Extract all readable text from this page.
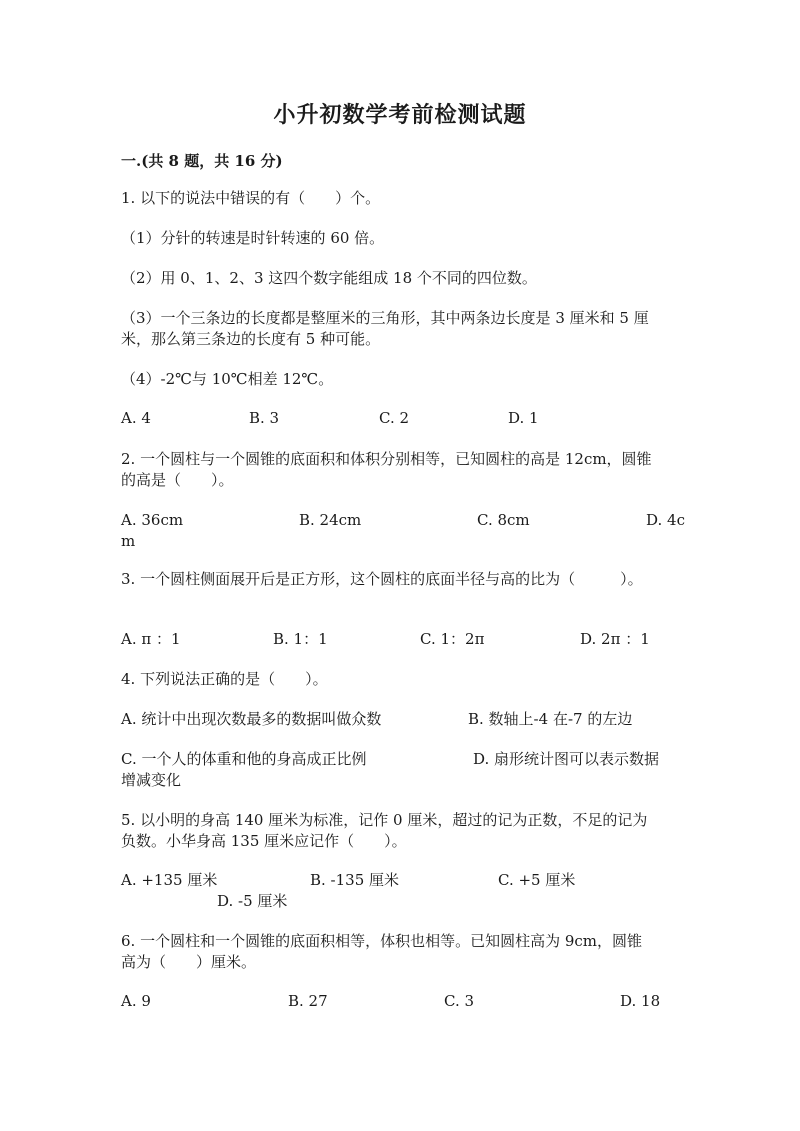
小升初数学考前检测试题
一.(共 8 题，共 16 分)
1. 以下的说法中错误的有（　　）个。
（1）分针的转速是时针转速的 60 倍。
（2）用 0、1、2、3 这四个数字能组成 18 个不同的四位数。
（3）一个三条边的长度都是整厘米的三角形，其中两条边长度是 3 厘米和 5 厘
米，那么第三条边的长度有 5 种可能。
（4）-2℃与 10℃相差 12℃。
A. 4	B. 3	C. 2	D. 1
2. 一个圆柱与一个圆锥的底面积和体积分别相等，已知圆柱的高是 12cm，圆锥
的高是（　　）。
A. 36cm	B. 24cm	C. 8cm	D. 4c
m
3. 一个圆柱侧面展开后是正方形，这个圆柱的底面半径与高的比为（　　　）。
A. π ：1	B. 1：1	C. 1：2π	D. 2π ：1
4. 下列说法正确的是（　　）。
A. 统计中出现次数最多的数据叫做众数	B. 数轴上-4 在-7 的左边
C. 一个人的体重和他的身高成正比例	D. 扇形统计图可以表示数据
增减变化
5. 以小明的身高 140 厘米为标准，记作 0 厘米，超过的记为正数，不足的记为
负数。小华身高 135 厘米应记作（　　）。
A. +135 厘米	B. -135 厘米	C. +5 厘米
D. -5 厘米
6. 一个圆柱和一个圆锥的底面积相等，体积也相等。已知圆柱高为 9cm，圆锥
高为（　　）厘米。
A. 9	B. 27	C. 3	D. 18
